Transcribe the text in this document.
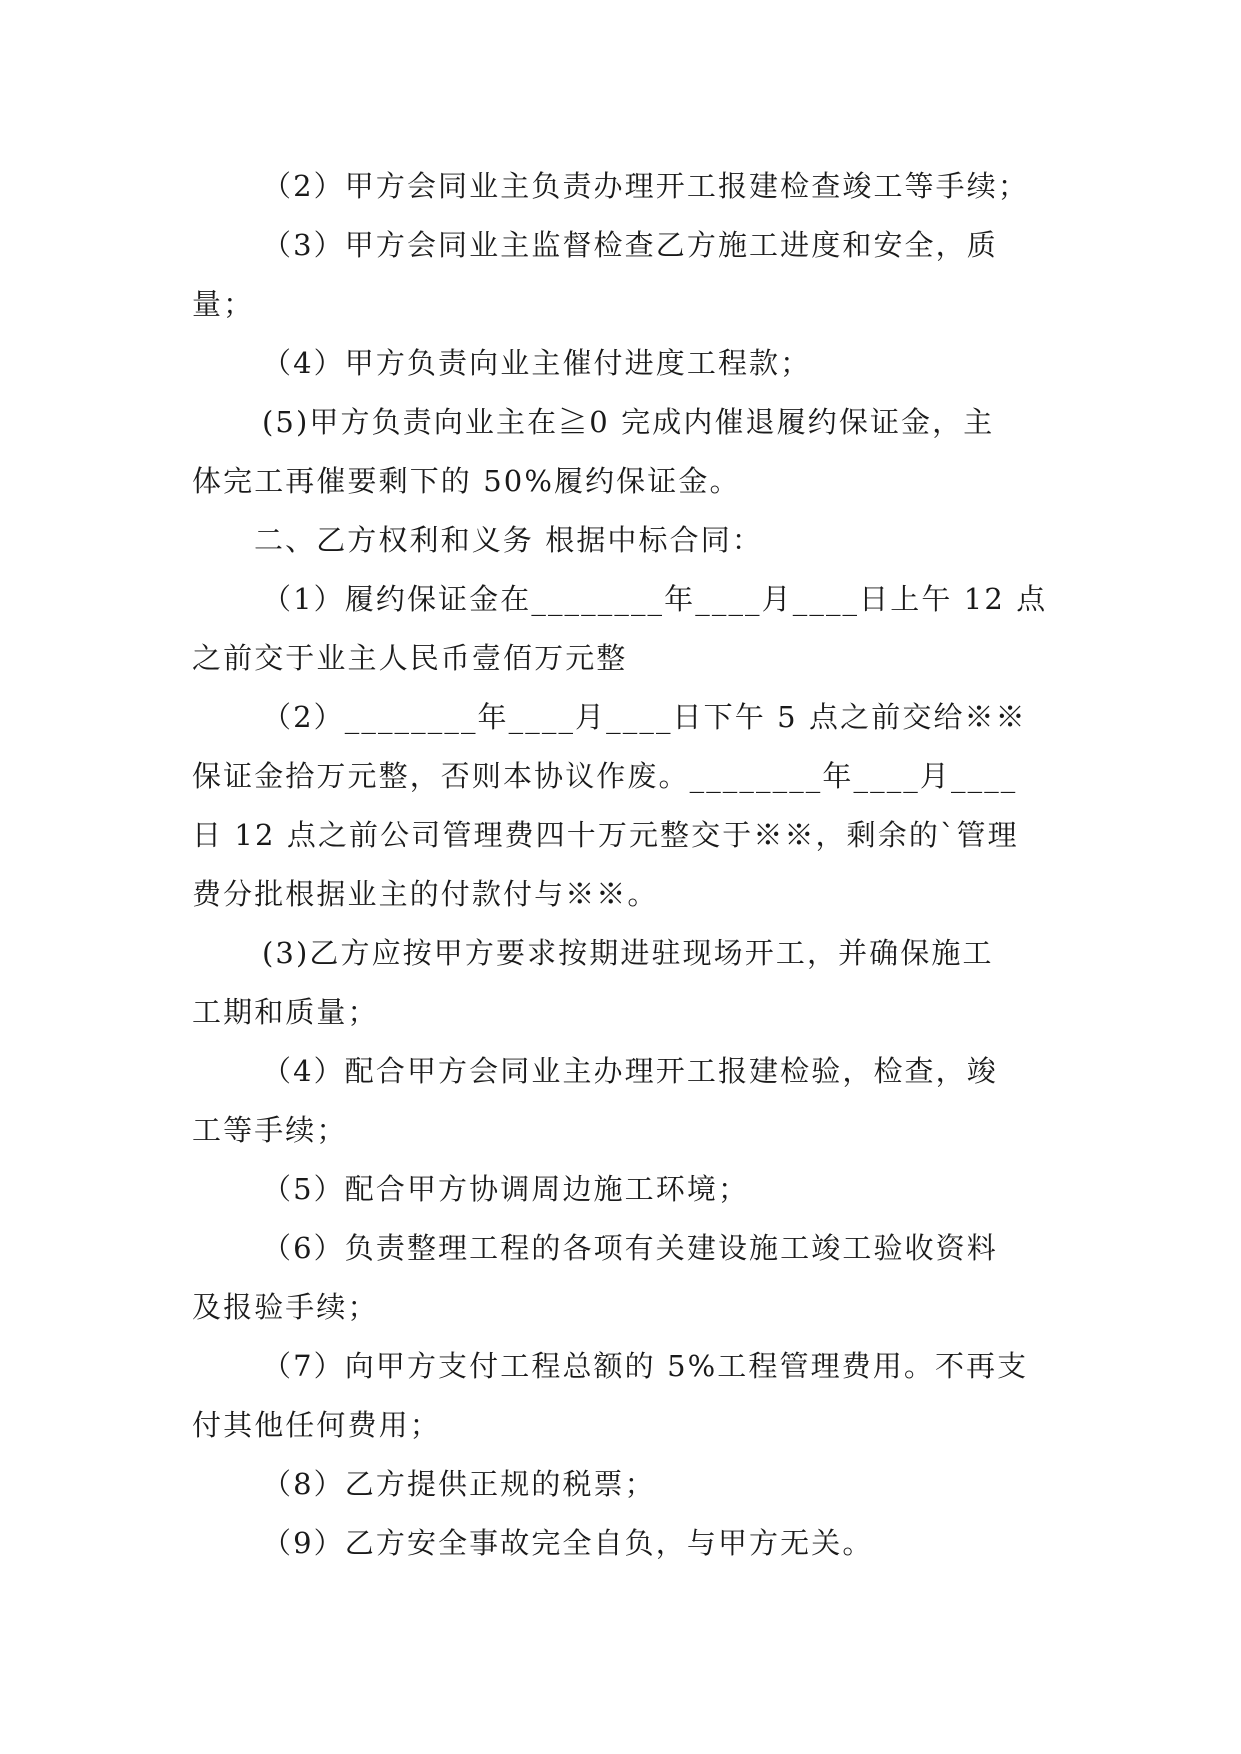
（2）甲方会同业主负责办理开工报建检查竣工等手续；
（3）甲方会同业主监督检查乙方施工进度和安全，质
量；
（4）甲方负责向业主催付进度工程款；
(5)甲方负责向业主在≧0 完成内催退履约保证金，主
体完工再催要剩下的 50%履约保证金。
二、乙方权利和义务 根据中标合同：
（1）履约保证金在________年____月____日上午 12 点
之前交于业主人民币壹佰万元整
（2）________年____月____日下午 5 点之前交给※※
保证金拾万元整，否则本协议作废。________年____月____
日 12 点之前公司管理费四十万元整交于※※，剩余的`管理
费分批根据业主的付款付与※※。
(3)乙方应按甲方要求按期进驻现场开工，并确保施工
工期和质量；
（4）配合甲方会同业主办理开工报建检验，检查，竣
工等手续；
（5）配合甲方协调周边施工环境；
（6）负责整理工程的各项有关建设施工竣工验收资料
及报验手续；
（7）向甲方支付工程总额的 5%工程管理费用。不再支
付其他任何费用；
（8）乙方提供正规的税票；
（9）乙方安全事故完全自负，与甲方无关。
